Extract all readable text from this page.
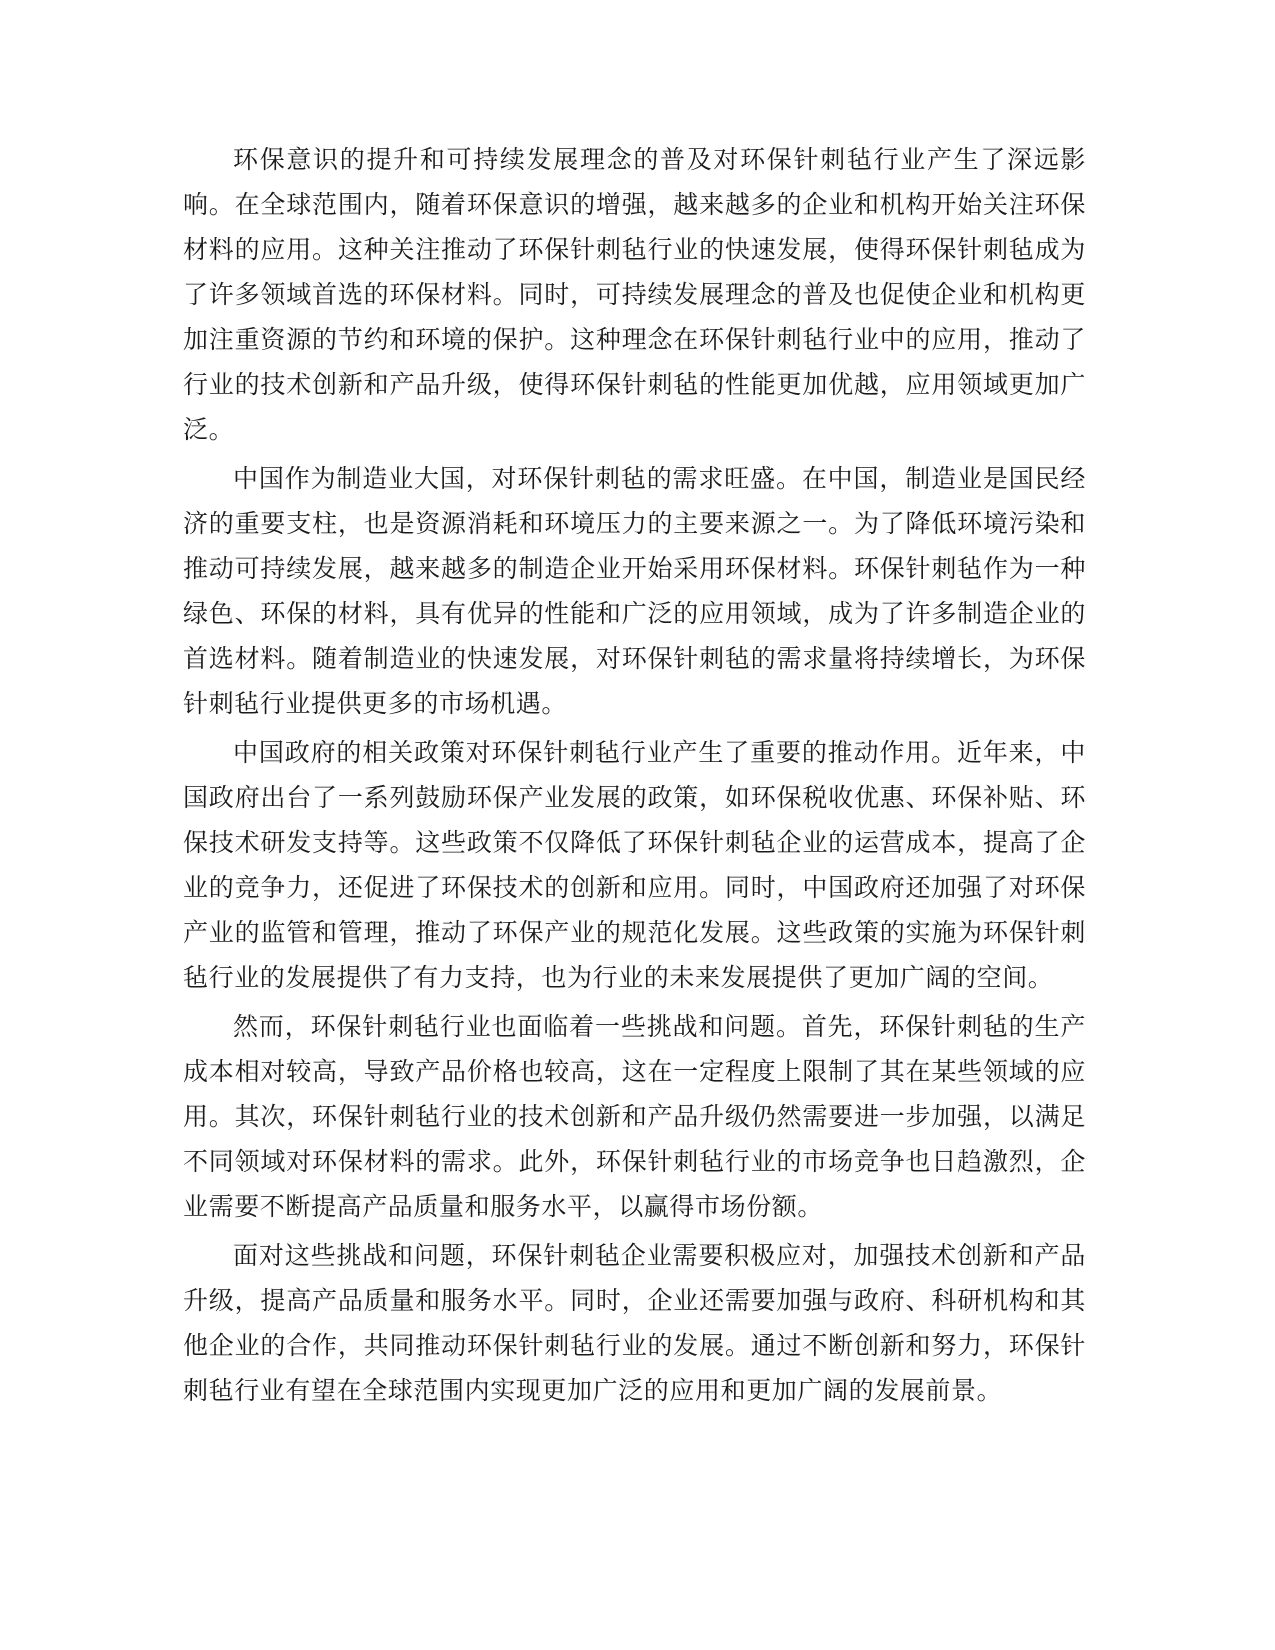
环保意识的提升和可持续发展理念的普及对环保针刺毡行业产生了深远影响。在全球范围内，随着环保意识的增强，越来越多的企业和机构开始关注环保材料的应用。这种关注推动了环保针刺毡行业的快速发展，使得环保针刺毡成为了许多领域首选的环保材料。同时，可持续发展理念的普及也促使企业和机构更加注重资源的节约和环境的保护。这种理念在环保针刺毡行业中的应用，推动了行业的技术创新和产品升级，使得环保针刺毡的性能更加优越，应用领域更加广泛。

中国作为制造业大国，对环保针刺毡的需求旺盛。在中国，制造业是国民经济的重要支柱，也是资源消耗和环境压力的主要来源之一。为了降低环境污染和推动可持续发展，越来越多的制造企业开始采用环保材料。环保针刺毡作为一种绿色、环保的材料，具有优异的性能和广泛的应用领域，成为了许多制造企业的首选材料。随着制造业的快速发展，对环保针刺毡的需求量将持续增长，为环保针刺毡行业提供更多的市场机遇。

中国政府的相关政策对环保针刺毡行业产生了重要的推动作用。近年来，中国政府出台了一系列鼓励环保产业发展的政策，如环保税收优惠、环保补贴、环保技术研发支持等。这些政策不仅降低了环保针刺毡企业的运营成本，提高了企业的竞争力，还促进了环保技术的创新和应用。同时，中国政府还加强了对环保产业的监管和管理，推动了环保产业的规范化发展。这些政策的实施为环保针刺毡行业的发展提供了有力支持，也为行业的未来发展提供了更加广阔的空间。

然而，环保针刺毡行业也面临着一些挑战和问题。首先，环保针刺毡的生产成本相对较高，导致产品价格也较高，这在一定程度上限制了其在某些领域的应用。其次，环保针刺毡行业的技术创新和产品升级仍然需要进一步加强，以满足不同领域对环保材料的需求。此外，环保针刺毡行业的市场竞争也日趋激烈，企业需要不断提高产品质量和服务水平，以赢得市场份额。

面对这些挑战和问题，环保针刺毡企业需要积极应对，加强技术创新和产品升级，提高产品质量和服务水平。同时，企业还需要加强与政府、科研机构和其他企业的合作，共同推动环保针刺毡行业的发展。通过不断创新和努力，环保针刺毡行业有望在全球范围内实现更加广泛的应用和更加广阔的发展前景。
